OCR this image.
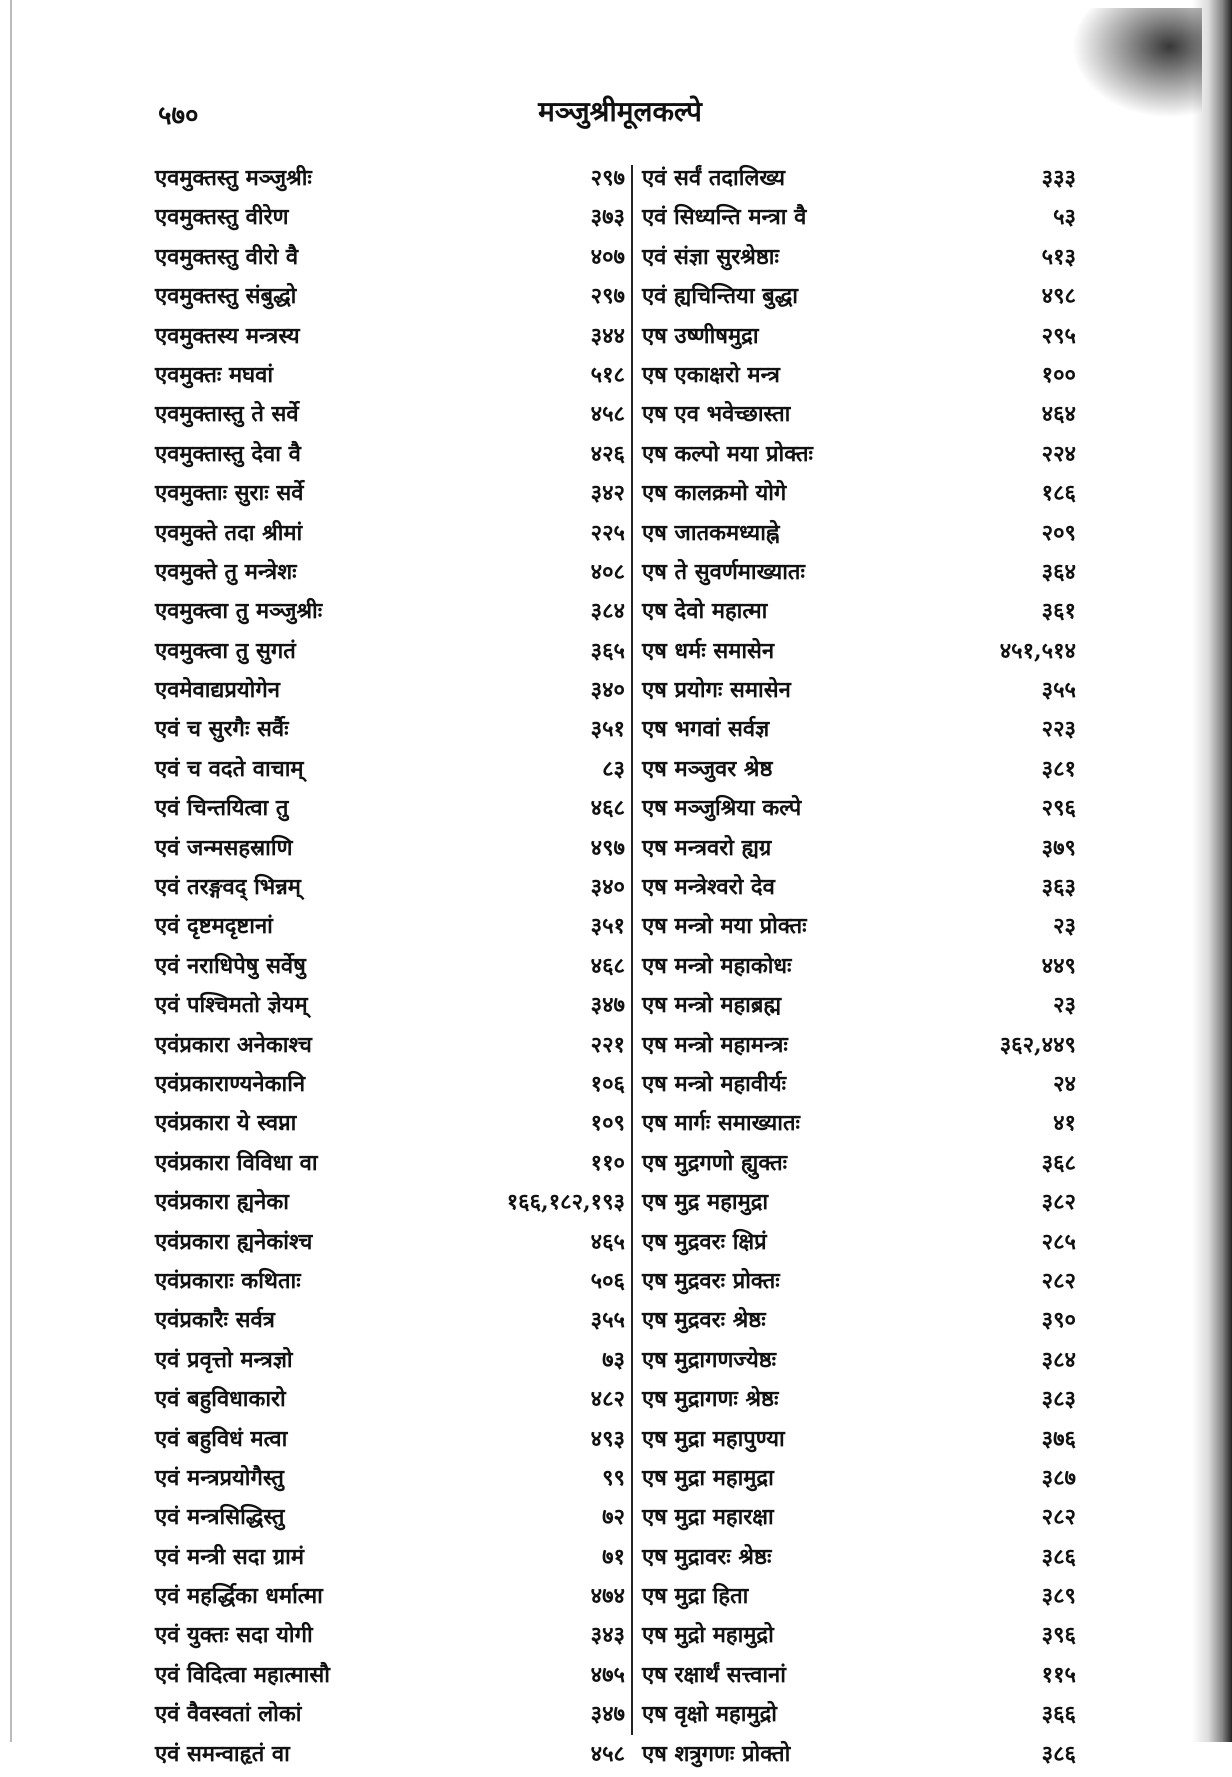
५७०	मञ्जुश्रीमूलकल्पे
एवमुक्तस्तु मञ्जुश्रीः	२९७
एवमुक्तस्तु वीरेण	३७३
एवमुक्तस्तु वीरो वै	४०७
एवमुक्तस्तु संबुद्धो	२९७
एवमुक्तस्य मन्त्रस्य	३४४
एवमुक्तः मघवां	५१८
एवमुक्तास्तु ते सर्वे	४५८
एवमुक्तास्तु देवा वै	४२६
एवमुक्ताः सुराः सर्वे	३४२
एवमुक्ते तदा श्रीमां	२२५
एवमुक्ते तु मन्त्रेशः	४०८
एवमुक्त्वा तु मञ्जुश्रीः	३८४
एवमुक्त्वा तु सुगतं	३६५
एवमेवाद्यप्रयोगेन	३४०
एवं च सुरगैः सर्वैः	३५१
एवं च वदते वाचाम्	८३
एवं चिन्तयित्वा तु	४६८
एवं जन्मसहस्राणि	४९७
एवं तरङ्गवद् भिन्नम्	३४०
एवं दृष्टमदृष्टानां	३५१
एवं नराधिपेषु सर्वेषु	४६८
एवं पश्चिमतो ज्ञेयम्	३४७
एवंप्रकारा अनेकाश्च	२२१
एवंप्रकाराण्यनेकानि	१०६
एवंप्रकारा ये स्वप्ना	१०९
एवंप्रकारा विविधा वा	११०
एवंप्रकारा ह्यनेका	१६६,१८२,१९३
एवंप्रकारा ह्यनेकांश्च	४६५
एवंप्रकाराः कथिताः	५०६
एवंप्रकारैः सर्वत्र	३५५
एवं प्रवृत्तो मन्त्रज्ञो	७३
एवं बहुविधाकारो	४८२
एवं बहुविधं मत्वा	४९३
एवं मन्त्रप्रयोगैस्तु	९९
एवं मन्त्रसिद्धिस्तु	७२
एवं मन्त्री सदा ग्रामं	७१
एवं महर्द्धिका धर्मात्मा	४७४
एवं युक्तः सदा योगी	३४३
एवं विदित्वा महात्मासौ	४७५
एवं वैवस्वतां लोकां	३४७
एवं समन्वाहृतं वा	४५८
एवं सर्वं तदालिख्य	३३३
एवं सिध्यन्ति मन्त्रा वै	५३
एवं संज्ञा सुरश्रेष्ठाः	५१३
एवं ह्यचिन्तिया बुद्धा	४९८
एष उष्णीषमुद्रा	२९५
एष एकाक्षरो मन्त्र	१००
एष एव भवेच्छास्ता	४६४
एष कल्पो मया प्रोक्तः	२२४
एष कालक्रमो योगे	१८६
एष जातकमध्याह्ने	२०९
एष ते सुवर्णमाख्यातः	३६४
एष देवो महात्मा	३६१
एष धर्मः समासेन	४५१,५१४
एष प्रयोगः समासेन	३५५
एष भगवां सर्वज्ञ	२२३
एष मञ्जुवर श्रेष्ठ	३८१
एष मञ्जुश्रिया कल्पे	२९६
एष मन्त्रवरो ह्यग्र	३७९
एष मन्त्रेश्वरो देव	३६३
एष मन्त्रो मया प्रोक्तः	२३
एष मन्त्रो महाकोधः	४४९
एष मन्त्रो महाब्रह्म	२३
एष मन्त्रो महामन्त्रः	३६२,४४९
एष मन्त्रो महावीर्यः	२४
एष मार्गः समाख्यातः	४१
एष मुद्रगणो ह्युक्तः	३६८
एष मुद्र महामुद्रा	३८२
एष मुद्रवरः क्षिप्रं	२८५
एष मुद्रवरः प्रोक्तः	२८२
एष मुद्रवरः श्रेष्ठः	३९०
एष मुद्रागणज्येष्ठः	३८४
एष मुद्रागणः श्रेष्ठः	३८३
एष मुद्रा महापुण्या	३७६
एष मुद्रा महामुद्रा	३८७
एष मुद्रा महारक्षा	२८२
एष मुद्रावरः श्रेष्ठः	३८६
एष मुद्रा हिता	३८९
एष मुद्रो महामुद्रो	३९६
एष रक्षार्थं सत्त्वानां	११५
एष वृक्षो महामुद्रो	३६६
एष शत्रुगणः प्रोक्तो	३८६
